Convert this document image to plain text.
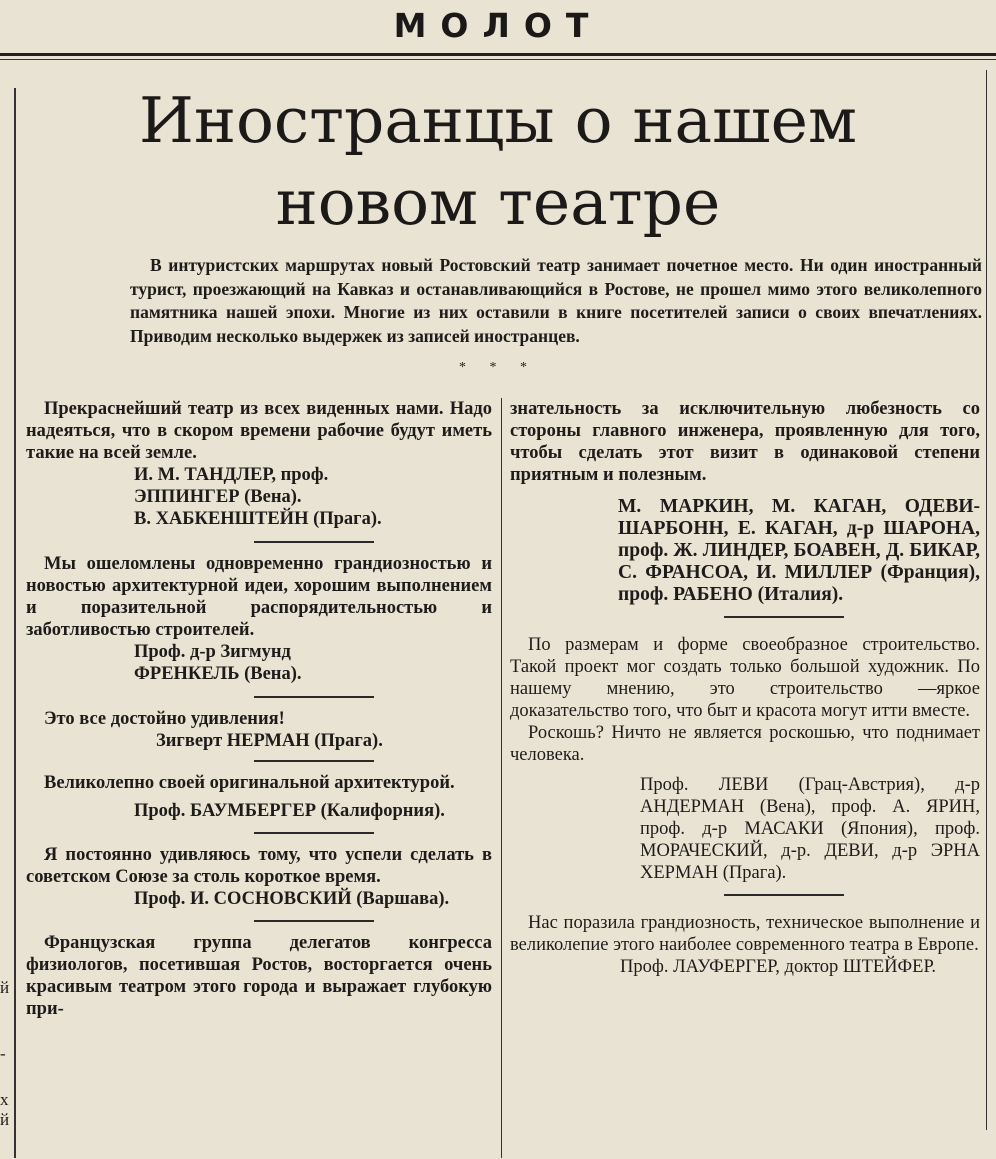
МОЛОТ
Иностранцы о нашем
новом театре
В интуристских маршрутах новый Ростовский театр занимает почетное место. Ни один иностранный турист, проезжающий на Кавказ и останавливающийся в Ростове, не прошел мимо этого великолепного памятника нашей эпохи. Многие из них оставили в книге посетителей записи о своих впечатлениях. Приводим несколько выдержек из записей иностранцев.
* * *

Прекраснейший театр из всех виденных нами. Надо надеяться, что в скором времени рабочие будут иметь такие на всей земле.

И. М. ТАНДЛЕР, проф.

ЭППИНГЕР (Вена).

В. ХАБКЕНШТЕЙН (Прага).

Мы ошеломлены одновременно грандиозностью и новостью архитектурной идеи, хорошим выполнением и поразительной распорядительностью и заботливостью строителей.

Проф. д-р Зигмунд

ФРЕНКЕЛЬ (Вена).

Это все достойно удивления!

Зигверт НЕРМАН (Прага).

Великолепно своей оригинальной архитектурой.

Проф. БАУМБЕРГЕР (Калифорния).

Я постоянно удивляюсь тому, что успели сделать в советском Союзе за столь короткое время.

Проф. И. СОСНОВСКИЙ (Варшава).

Французская группа делегатов конгресса физиологов, посетившая Ростов, восторгается очень красивым театром этого города и выражает глубокую при-

знательность за исключительную любезность со стороны главного инженера, проявленную для того, чтобы сделать этот визит в одинаковой степени приятным и полезным.

М. МАРКИН, М. КАГАН, ОДЕВИ-ШАРБОНН, Е. КАГАН, д-р ШАРОНА, проф. Ж. ЛИНДЕР, БОАВЕН, Д. БИКАР, С. ФРАНСОА, И. МИЛЛЕР (Франция), проф. РАБЕНО (Италия).

По размерам и форме своеобразное строительство. Такой проект мог создать только большой художник. По нашему мнению, это строительство —яркое доказательство того, что быт и красота могут итти вместе.

Роскошь? Ничто не является роскошью, что поднимает человека.

Проф. ЛЕВИ (Грац-Австрия), д-р АНДЕРМАН (Вена), проф. А. ЯРИН, проф. д-р МАСАКИ (Япония), проф. МОРАЧЕСКИЙ, д-р. ДЕВИ, д-р ЭРНА ХЕРМАН (Прага).

Нас поразила грандиозность, техническое выполнение и великолепие этого наиболее современного театра в Европе.

Проф. ЛАУФЕРГЕР, доктор ШТЕЙФЕР.

й
-
х
й
